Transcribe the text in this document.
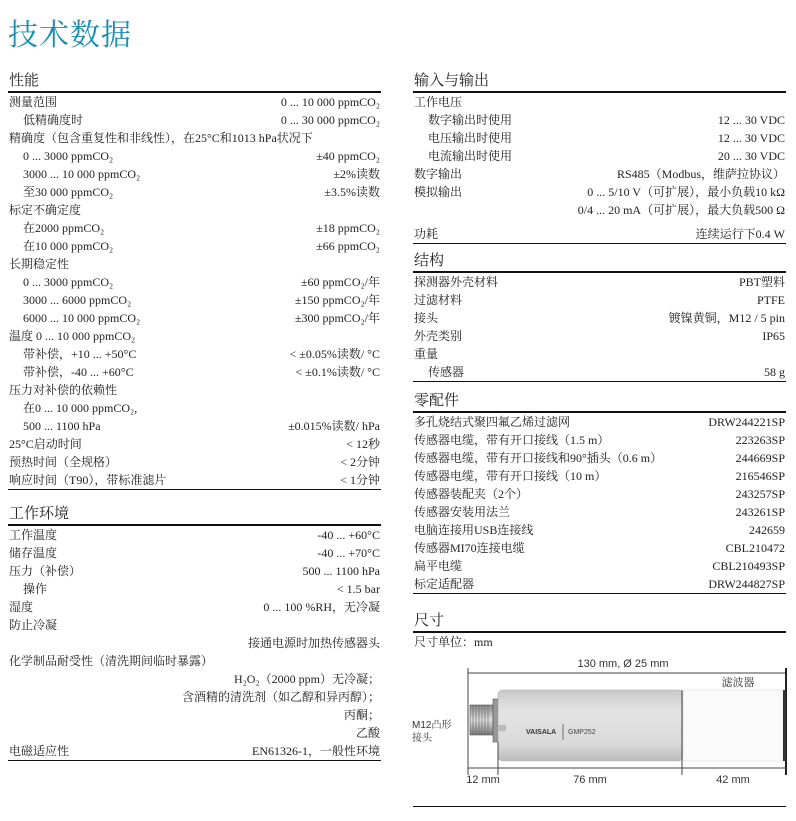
技术数据
性能
测量范围	0 ... 10 000 ppmCO₂
低精确度时	0 ... 30 000 ppmCO₂
精确度（包含重复性和非线性），在25°C和1013 hPa状况下
0 ... 3000 ppmCO₂	±40 ppmCO₂
3000 ... 10 000 ppmCO₂	±2%读数
至30 000 ppmCO₂	±3.5%读数
标定不确定度
在2000 ppmCO₂	±18 ppmCO₂
在10 000 ppmCO₂	±66 ppmCO₂
长期稳定性
0 ... 3000 ppmCO₂	±60 ppmCO₂/年
3000 ... 6000 ppmCO₂	±150 ppmCO₂/年
6000 ... 10 000 ppmCO₂	±300 ppmCO₂/年
温度 0 ... 10 000 ppmCO₂
带补偿，+10 ... +50°C	< ±0.05%读数/ °C
带补偿，-40 ... +60°C	< ±0.1%读数/ °C
压力对补偿的依赖性
在0 ... 10 000 ppmCO₂,
500 ... 1100 hPa	±0.015%读数/ hPa
25°C启动时间	< 12秒
预热时间（全规格）	< 2分钟
响应时间（T90），带标准滤片	< 1分钟
工作环境
工作温度	-40 ... +60°C
储存温度	-40 ... +70°C
压力（补偿）	500 ... 1100 hPa
操作	< 1.5 bar
湿度	0 ... 100 %RH，无冷凝
防止冷凝
接通电源时加热传感器头
化学制品耐受性（清洗期间临时暴露）
H₂O₂（2000 ppm）无冷凝；
含酒精的清洗剂（如乙醇和异丙醇）；
丙酮；
乙酸
电磁适应性	EN61326-1，一般性环境
输入与输出
工作电压
数字输出时使用	12 ... 30 VDC
电压输出时使用	12 ... 30 VDC
电流输出时使用	20 ... 30 VDC
数字输出	RS485（Modbus，维萨拉协议）
模拟输出	0 ... 5/10 V（可扩展），最小负载10 kΩ
0/4 ... 20 mA（可扩展），最大负载500 Ω
功耗	连续运行下0.4 W
结构
探测器外壳材料	PBT塑料
过滤材料	PTFE
接头	镀镍黄铜，M12 / 5 pin
外壳类别	IP65
重量
传感器	58 g
零配件
多孔烧结式聚四氟乙烯过滤网	DRW244221SP
传感器电缆，带有开口接线（1.5 m）	223263SP
传感器电缆，带有开口接线和90°插头（0.6 m）	244669SP
传感器电缆，带有开口接线（10 m）	216546SP
传感器装配夹（2个）	243257SP
传感器安装用法兰	243261SP
电脑连接用USB连接线	242659
传感器MI70连接电缆	CBL210472
扁平电缆	CBL210493SP
标定适配器	DRW244827SP
尺寸
尺寸单位：mm
130 mm, Ø 25 mm
滤波器
M12凸形
接头
VAISALA GMP252
12 mm	76 mm	42 mm
